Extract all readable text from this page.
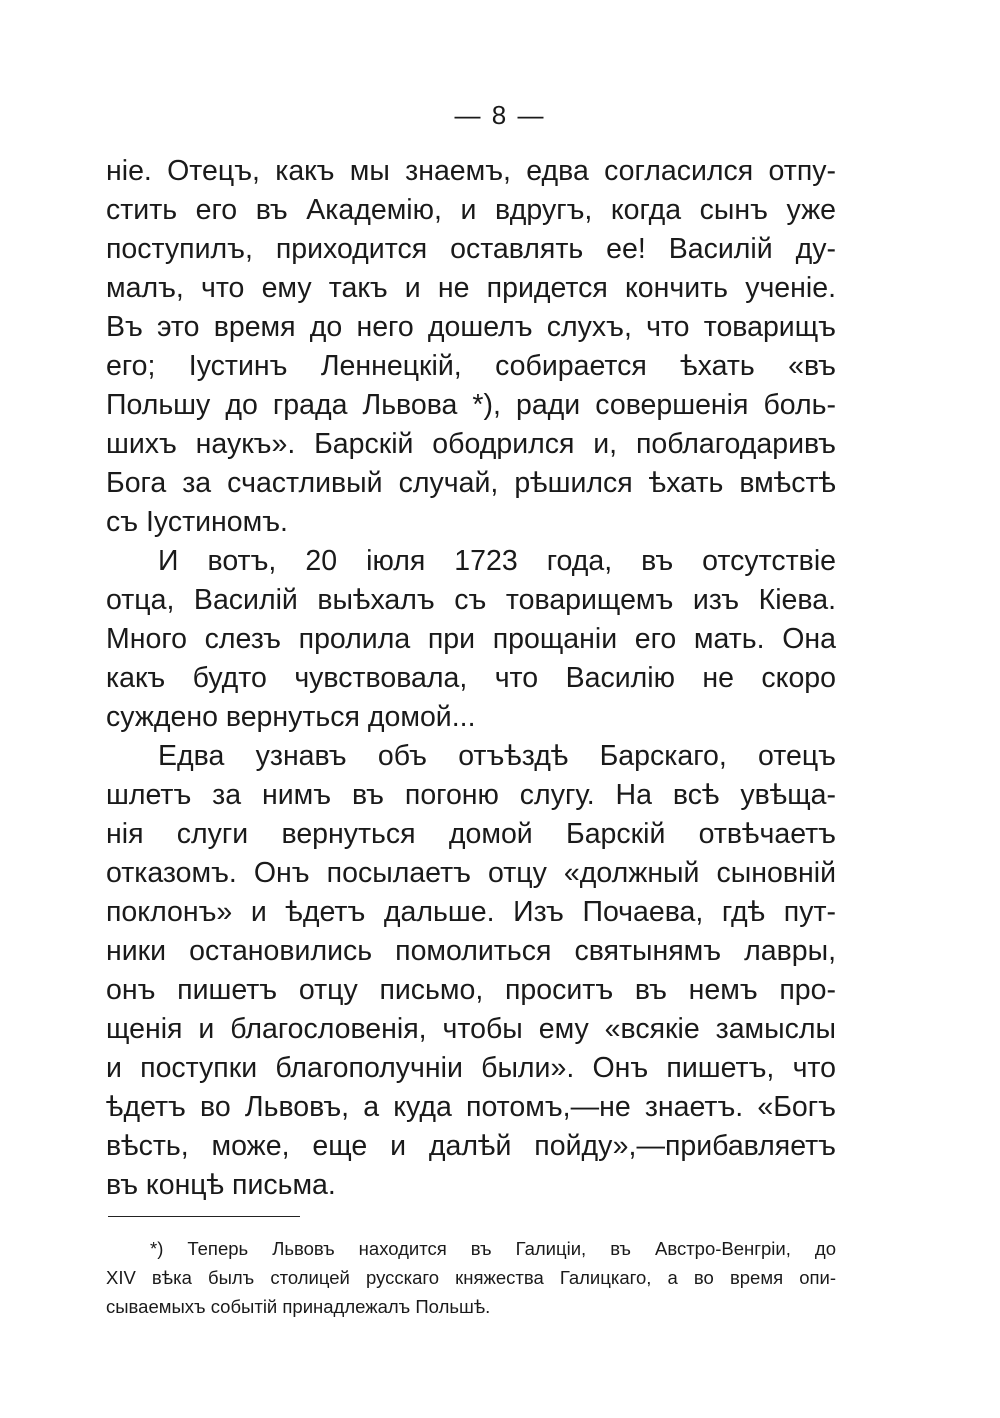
— 8 —
ніе. Отецъ, какъ мы знаемъ, едва согласился отпу-
стить его въ Академію, и вдругъ, когда сынъ уже
поступилъ, приходится оставлять ее! Василій ду-
малъ, что ему такъ и не придется кончить ученіе.
Въ это время до него дошелъ слухъ, что товарищъ
его; Іустинъ Леннецкій, собирается ѣхать «въ
Польшу до града Львова *), ради совершенія боль-
шихъ наукъ». Барскій ободрился и, поблагодаривъ
Бога за счастливый случай, рѣшился ѣхать вмѣстѣ
съ Іустиномъ.
И вотъ, 20 іюля 1723 года, въ отсутствіе
отца, Василій выѣхалъ съ товарищемъ изъ Кіева.
Много слезъ пролила при прощаніи его мать. Она
какъ будто чувствовала, что Василію не скоро
суждено вернуться домой...
Едва узнавъ объ отъѣздѣ Барскаго, отецъ
шлетъ за нимъ въ погоню слугу. На всѣ увѣща-
нія слуги вернуться домой Барскій отвѣчаетъ
отказомъ. Онъ посылаетъ отцу «должный сыновній
поклонъ» и ѣдетъ дальше. Изъ Почаева, гдѣ пут-
ники остановились помолиться святынямъ лавры,
онъ пишетъ отцу письмо, проситъ въ немъ про-
щенія и благословенія, чтобы ему «всякіе замыслы
и поступки благополучніи были». Онъ пишетъ, что
ѣдетъ во Львовъ, а куда потомъ,—не знаетъ. «Богъ
вѣсть, може, еще и далѣй пойду»,—прибавляетъ
въ концѣ письма.
*) Теперь Львовъ находится въ Галиціи, въ Австро-Венгріи, до
XIV вѣка былъ столицей русскаго княжества Галицкаго, а во время опи-
сываемыхъ событій принадлежалъ Польшѣ.
